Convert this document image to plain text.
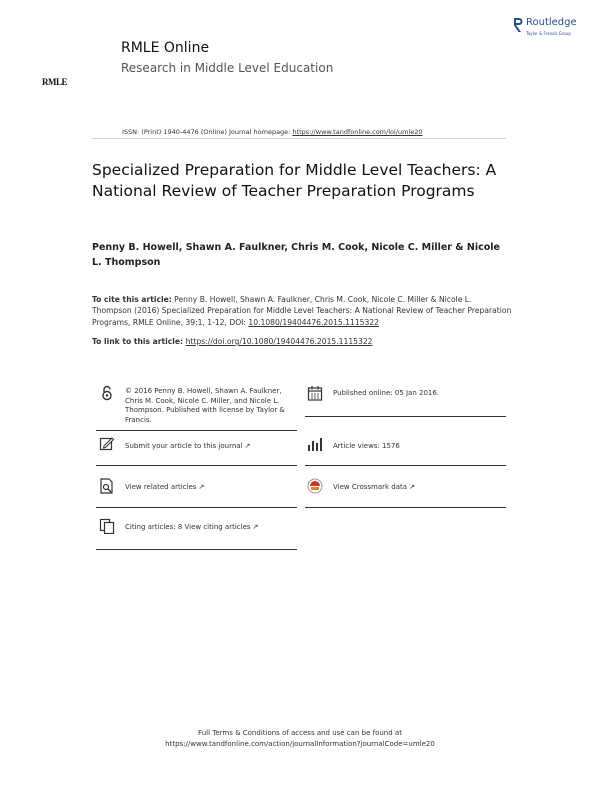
RMLE
RMLE Online
Research in Middle Level Education
Routledge
Taylor & Francis Group
ISSN: (Print) 1940-4476 (Online) Journal homepage: https://www.tandfonline.com/loi/umle20
Specialized Preparation for Middle Level Teachers: A National Review of Teacher Preparation Programs
Penny B. Howell, Shawn A. Faulkner, Chris M. Cook, Nicole C. Miller & Nicole L. Thompson
To cite this article: Penny B. Howell, Shawn A. Faulkner, Chris M. Cook, Nicole C. Miller & Nicole L. Thompson (2016) Specialized Preparation for Middle Level Teachers: A National Review of Teacher Preparation Programs, RMLE Online, 39:1, 1-12, DOI: 10.1080/19404476.2015.1115322
To link to this article: https://doi.org/10.1080/19404476.2015.1115322
© 2016 Penny B. Howell, Shawn A. Faulkner, Chris M. Cook, Nicole C. Miller, and Nicole L. Thompson. Published with license by Taylor & Francis.
Submit your article to this journal ↗
View related articles ↗
Citing articles: 8 View citing articles ↗
Published online: 05 Jan 2016.
Article views: 1576
View Crossmark data ↗
Full Terms & Conditions of access and use can be found at
https://www.tandfonline.com/action/journalInformation?journalCode=umle20
